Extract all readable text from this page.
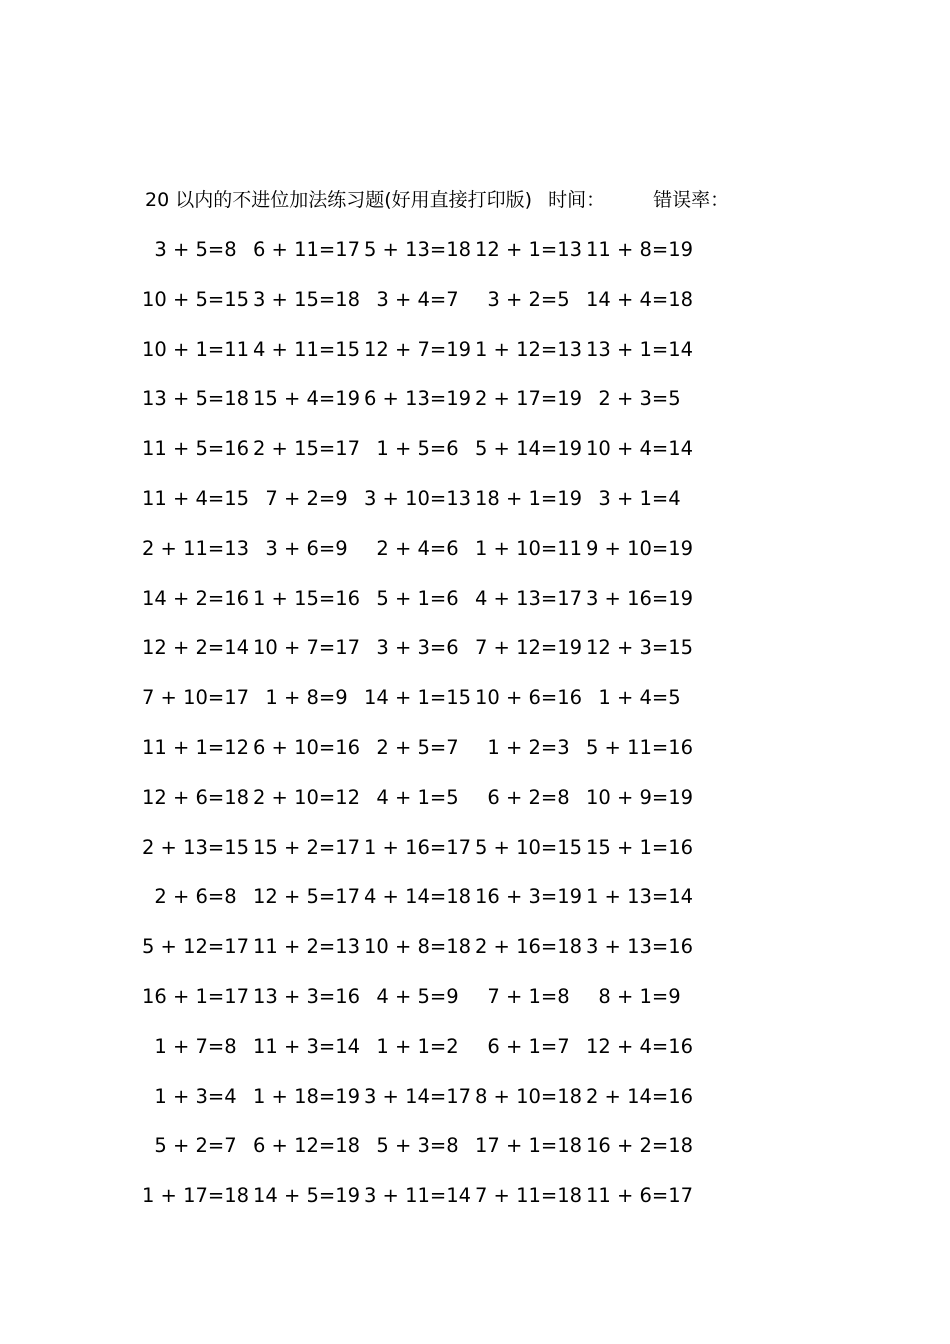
20 以内的不进位加法练习题(好用直接打印版) 时间：	错误率：
3 + 5=8 6 + 11=17 5 + 13=18 12 + 1=13 11 + 8=19
10 + 5=15 3 + 15=18 3 + 4=7	3 + 2=5 14 + 4=18
10 + 1=11 4 + 11=15 12 + 7=19 1 + 12=13 13 + 1=14
13 + 5=18 15 + 4=19 6 + 13=19 2 + 17=19 2 + 3=5
11 + 5=16 2 + 15=17 1 + 5=6 5 + 14=19 10 + 4=14
11 + 4=15 7 + 2=9 3 + 10=13 18 + 1=19 3 + 1=4
2 + 11=13 3 + 6=9	2 + 4=6 1 + 10=11 9 + 10=19
14 + 2=16 1 + 15=16 5 + 1=6 4 + 13=17 3 + 16=19
12 + 2=14 10 + 7=17 3 + 3=6 7 + 12=19 12 + 3=15
7 + 10=17 1 + 8=9 14 + 1=15 10 + 6=16 1 + 4=5
11 + 1=12 6 + 10=16 2 + 5=7	1 + 2=3 5 + 11=16
12 + 6=18 2 + 10=12 4 + 1=5	6 + 2=8 10 + 9=19
2 + 13=15 15 + 2=17 1 + 16=17 5 + 10=15 15 + 1=16
2 + 6=8 12 + 5=17 4 + 14=18 16 + 3=19 1 + 13=14
5 + 12=17 11 + 2=13 10 + 8=18 2 + 16=18 3 + 13=16
16 + 1=17 13 + 3=16 4 + 5=9	7 + 1=8	8 + 1=9
1 + 7=8 11 + 3=14 1 + 1=2	6 + 1=7 12 + 4=16
1 + 3=4 1 + 18=19 3 + 14=17 8 + 10=18 2 + 14=16
5 + 2=7 6 + 12=18 5 + 3=8 17 + 1=18 16 + 2=18
1 + 17=18 14 + 5=19 3 + 11=14 7 + 11=18 11 + 6=17
